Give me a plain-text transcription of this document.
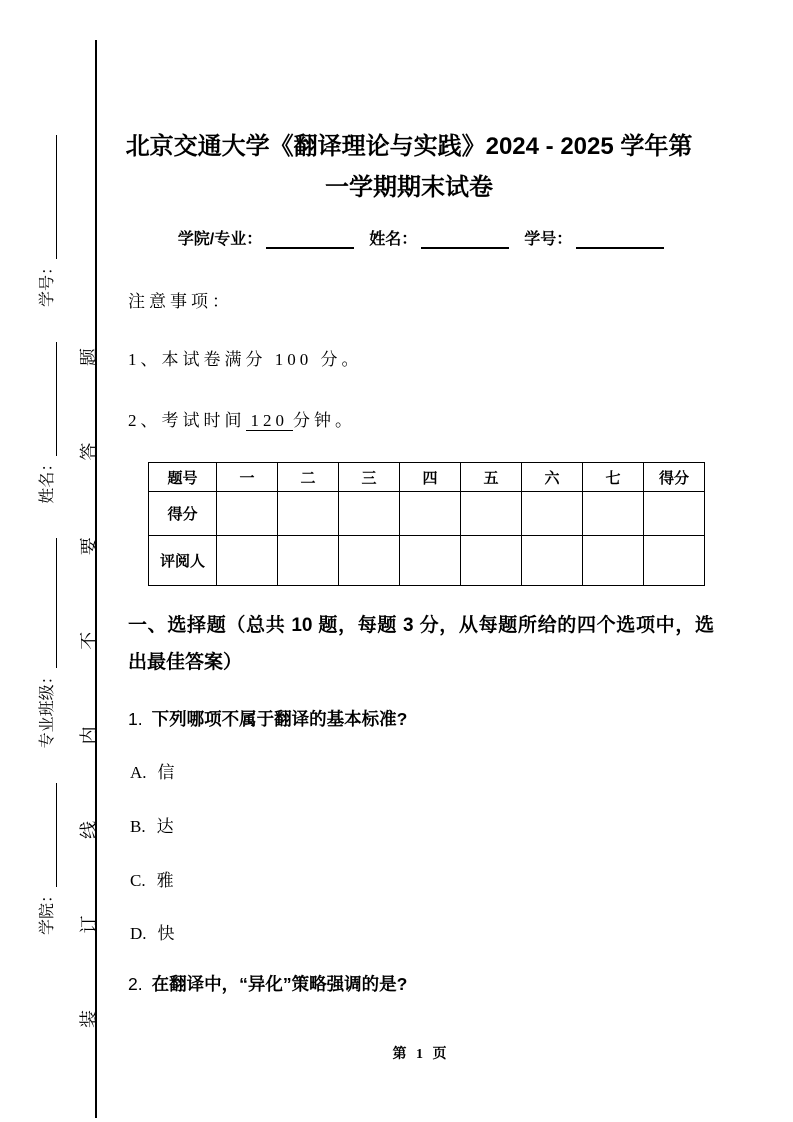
学院：
专业班级：
姓名：
学号：
装
订
线
内
不
要
答
题
北京交通大学《翻译理论与实践》2024 - 2025 学年第
一学期期末试卷
学院/专业：	姓名：	学号：
注意事项：
1、本试卷满分 100 分。
2、考试时间 120 分钟。
题号	一	二	三	四	五	六	七	得分
得分								
评阅人								
一、选择题（总共 10 题，每题 3 分，从每题所给的四个选项中，选
出最佳答案）
1. 下列哪项不属于翻译的基本标准?
A. 信
B. 达
C. 雅
D. 快
2. 在翻译中，“异化”策略强调的是?
第 1 页
